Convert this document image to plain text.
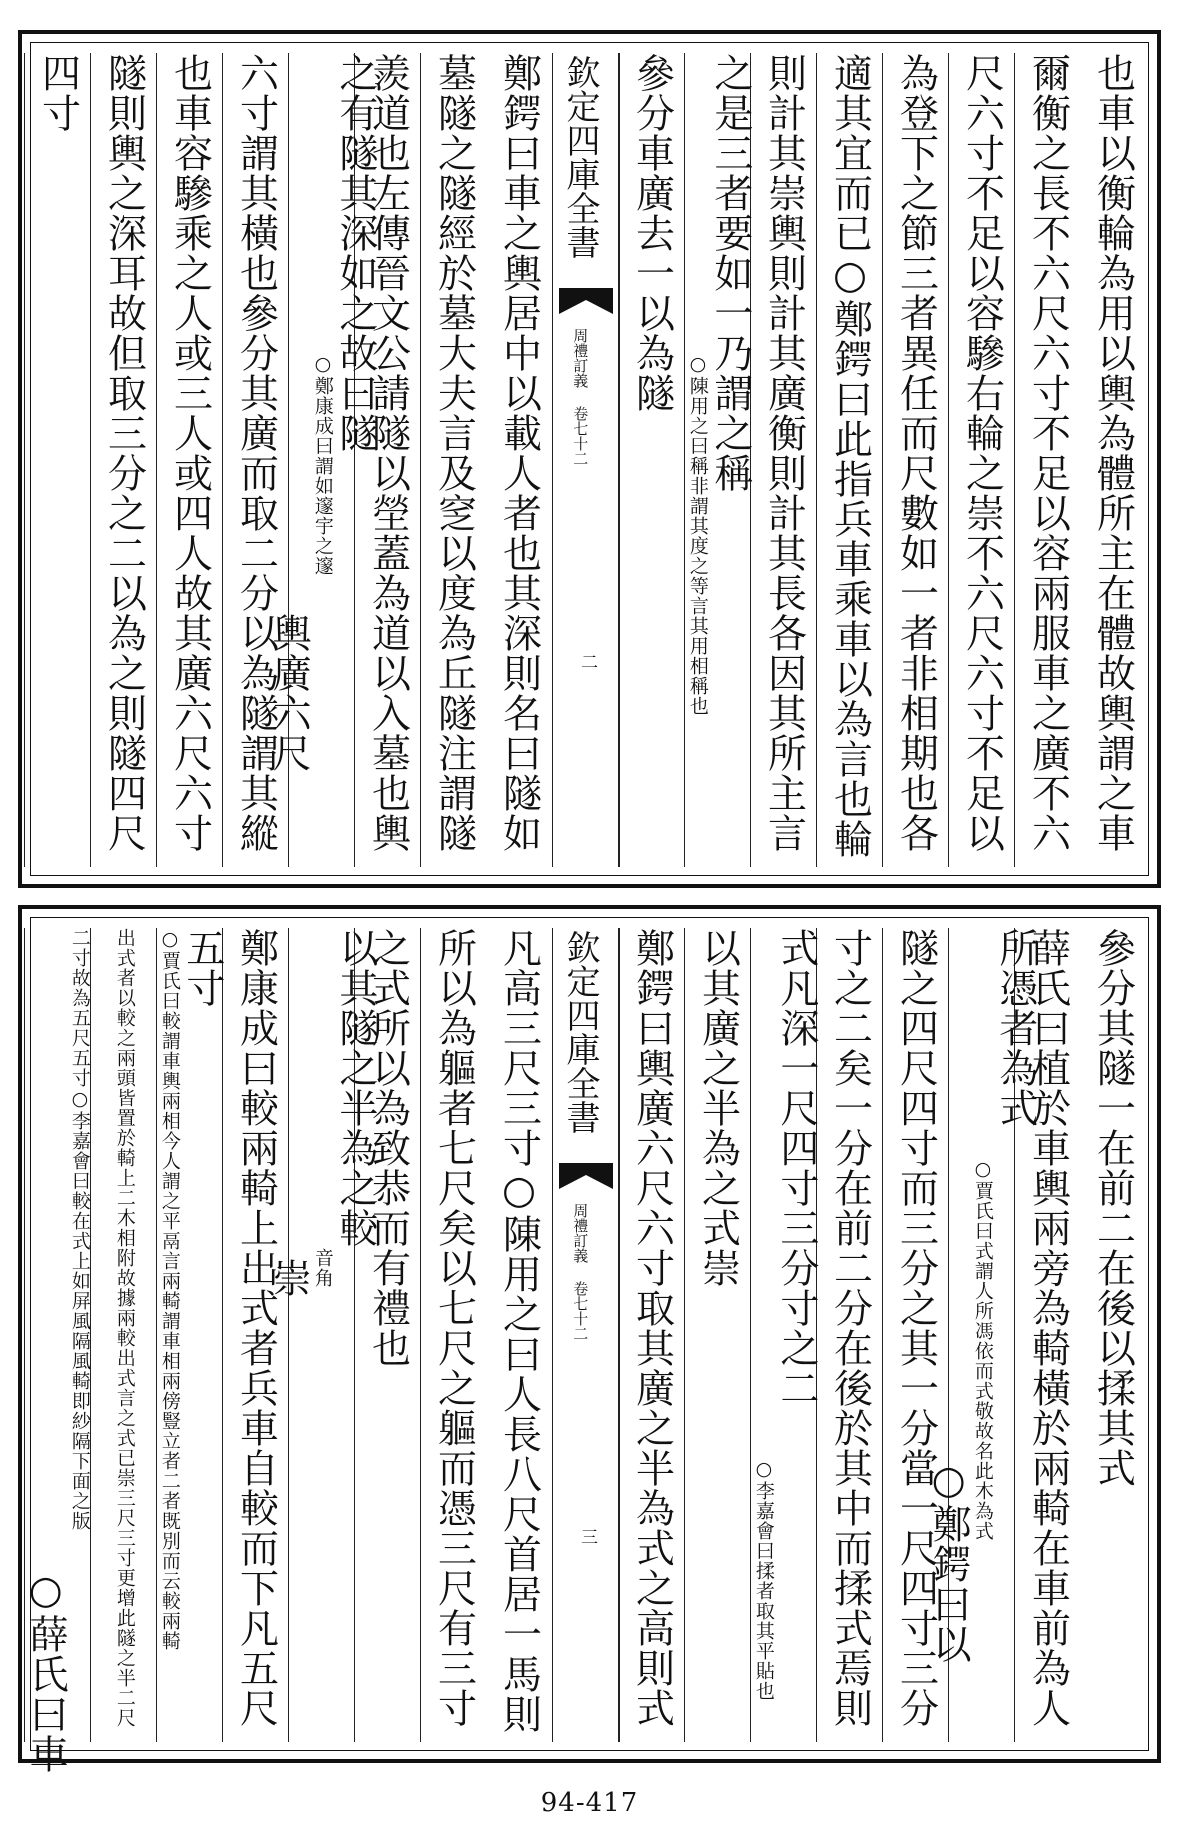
也車以衡輪為用以輿為體所主在體故輿謂之車
爾衡之長不六尺六寸不足以容兩服車之廣不六
尺六寸不足以容驂右輪之崇不六尺六寸不足以
為登下之節三者異任而尺數如一者非相期也各
適其宜而已○鄭鍔曰此指兵車乘車以為言也輪
則計其崇輿則計其廣衡則計其長各因其所主言
之是三者要如一乃謂之稱
○陳用之曰稱非謂其度之等言其用相稱也
參分車廣去一以為隧
欽定四庫全書
周禮訂義 卷七十二
二
鄭鍔曰車之輿居中以載人者也其深則名曰隧如
墓隧之隧經於墓大夫言及窆以度為丘隧注謂隧
羨道也左傳晉文公請隧以塋蓋為道以入墓也輿
之有隧其深如之故曰隧
○鄭康成曰謂如邃宇之邃
輿廣六尺
六寸謂其橫也參分其廣而取二分以為隧謂其縱
也車容驂乘之人或三人或四人故其廣六尺六寸
隧則輿之深耳故但取三分之二以為之則隧四尺
四寸
參分其隧一在前二在後以揉其式
薛氏曰植於車輿兩旁為輢橫於兩輢在車前為人
所憑者為式
○賈氏曰式謂人所馮依而式敬故名此木為式
○鄭鍔曰以
隧之四尺四寸而三分之其一分當一尺四寸三分
寸之二矣一分在前二分在後於其中而揉式焉則
式凡深一尺四寸三分寸之二
○李嘉會曰揉者取其平貼也
以其廣之半為之式崇
鄭鍔曰輿廣六尺六寸取其廣之半為式之高則式
欽定四庫全書
周禮訂義 卷七十二
三
凡高三尺三寸○陳用之曰人長八尺首居一馬則
所以為軀者七尺矣以七尺之軀而憑三尺有三寸
之式所以為致恭而有禮也
以其隧之半為之較
音角
崇
鄭康成曰較兩輢上出式者兵車自較而下凡五尺
五寸
○賈氏曰較謂車輿兩相今人謂之平鬲言兩輢謂車相兩傍豎立者二者既別而云較兩輢
出式者以較之兩頭皆置於輢上二木相附故據兩較出式言之式已崇三尺三寸更增此隧之半二尺
二寸故為五尺五寸○李嘉會曰較在式上如屏風隔風輢即紗隔下面之版
○薛氏曰車
94-417
